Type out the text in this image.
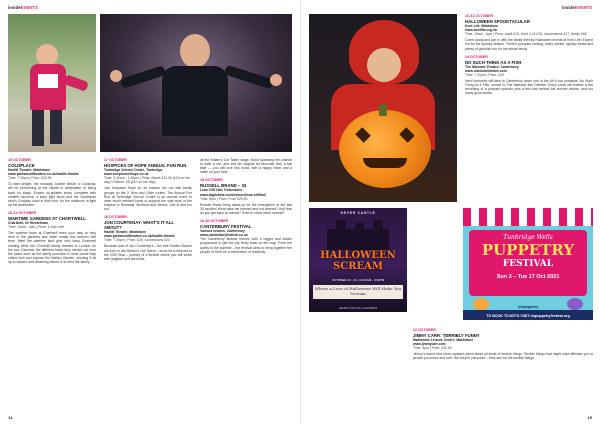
insideEVENTS
10 OCTOBER
COLDPLACE
Hazlitt Theatre, Maidstone
www.parkwoodtheatres.co.uk/hazlitt-theatre
Time: 7.30pm | Price: £20.50

To start delight, the runaway Jubilee tribute to Coldplay, will be performing at the Hazlitt in celebration of being back on stage. Expect no-splatter show, complete with confetti cannons, a laser light show and the Xylobands which Coldplay used in their tour, for the audience to light up the auditorium.

16-31 OCTOBER
WARTIME GARDENS AT CHARTWELL
Chartwell, Nr Westerham
Time: 10am - 4pm | Price: £ Adm free

The wartime team at Chartwell need your help to help here in the gardens and wider estate this autumn half term. Meet the wartime land girls who keep Chartwell running while the Churchill family headed to London for the war. Discover the different tasks they carried out over the years such as the family provision in what would help collect fruit and explore the Walled Garden, seeding it all up to harden and dreaming before is to feed the family.

17 OCTOBER
HOSPICES OF HOPE ANNUAL FUN RUN
Tonbridge School Centre, Tonbridge
www.hospicesofhope.co.uk
Time: 9.30am - 1.30pm | Price: Adults £12.50 (£15 on the day) Children: £8 (£10 on the day)

Join Hospices Hope for an outdoor fun run with family groups on the 3, 5km and 10km routes. The Annual Fun Run at Tonbridge School Centre is an annual event to raise much needed funds to support the vital work of the hospice in Romania, Moldova and Serbia. Join in and fun run.

18 OCTOBER
JON COURTENAY: WHAT'S IT ALL ABOUT?
Hazlitt Theatre, Maidstone
www.parkwoodtheatres.co.uk/hazlitt-theatre
Time: 7.30pm | Price: £26, concessions £24

Because part of Jon Courtenay's – the first Golden Buzzer act ever to win Britain's Got Talent – show he's returned to the 2020 final – journey of a lifetime where you will share with laughter and the finale.

all the Britain's Got Talent stage, stood spanning the chance to walk a red, and see his original for favourite find, a fab take — you will love this show, with a happy heart and a smile on your face.

18 OCTOBER
RUSSELL BRAND – 33
Leas Cliff Hall, Folkestone
www.atgtickets.com/venues/leas-cliffhall
Time: 8pm | Price: From £29.50

Russell Brand bring stand-up for the emergence of the last 33 months! What have we learned and not learned? And how do you get back to normal? Even in never been normal?

16-30 OCTOBER
CANTERBURY FESTIVAL
Various venues, Canterbury
www.canterburyfestival.co.uk

The Canterbury festival returns with a bigger and bolder programme to get the city firmly back on the map. From the quirky to the sublime – the festival aims to bring together the people of Kent for a celebration of creativity.

14
insideEVENTS
23-31 OCTOBER
HALLOWEEN SPOOKTACULAR
Kent Life, Maidstone
www.kentlife.org.uk
Time: 10am - 4pm | Price: Adult £19, child 3-15 £15, concessions £17, family £68

Come along and join in with the family friendly Halloween events at Kent Life! Expect fun for the spooky season. There's pumpkin carving, scary stories, spooky treats and plenty of ghoulish fun for the whole family.

24 OCTOBER
NO SUCH THING AS A FISH
The Marlowe Theatre, Canterbury
www.marlowetheatre.com
Time: 7.30pm | Price: £28

Nerd humanity will take to Canterbury when one of the UK's top podcasts, No Such Thing As A Fish, comes to The Marlowe this October. Every show will feature a live recording of a podcast episode plus a few bad behind the scenes stories, and too many good words.

HEVER CASTLE
HALLOWEEN SCREAM
OCTOBER 23 - 31 | 10:30AM - 4:30PM
Where a Love of Halloween Will Make You Scream
HEVER CASTLE & GARDENS
Tunbridge Wells
PUPPETRY
FESTIVAL
Sun 3 – Tue 17 Oct 2021
TO BOOK TICKETS VISIT: twpuppetryfestival.org
@twpuppetry
22 OCTOBER
JIMMY CARR: TERRIBLY FUNNY
Maidstone Leisure Centre, Maidstone
www.jimmycarr.com
Time: 8pm | Price: £32.50

Jimmy's brand new show contains jokes about all kinds of terrible things. Terrible things that might have affected you or people you know and love. But they're just jokes – they are not the terrible things.

15
